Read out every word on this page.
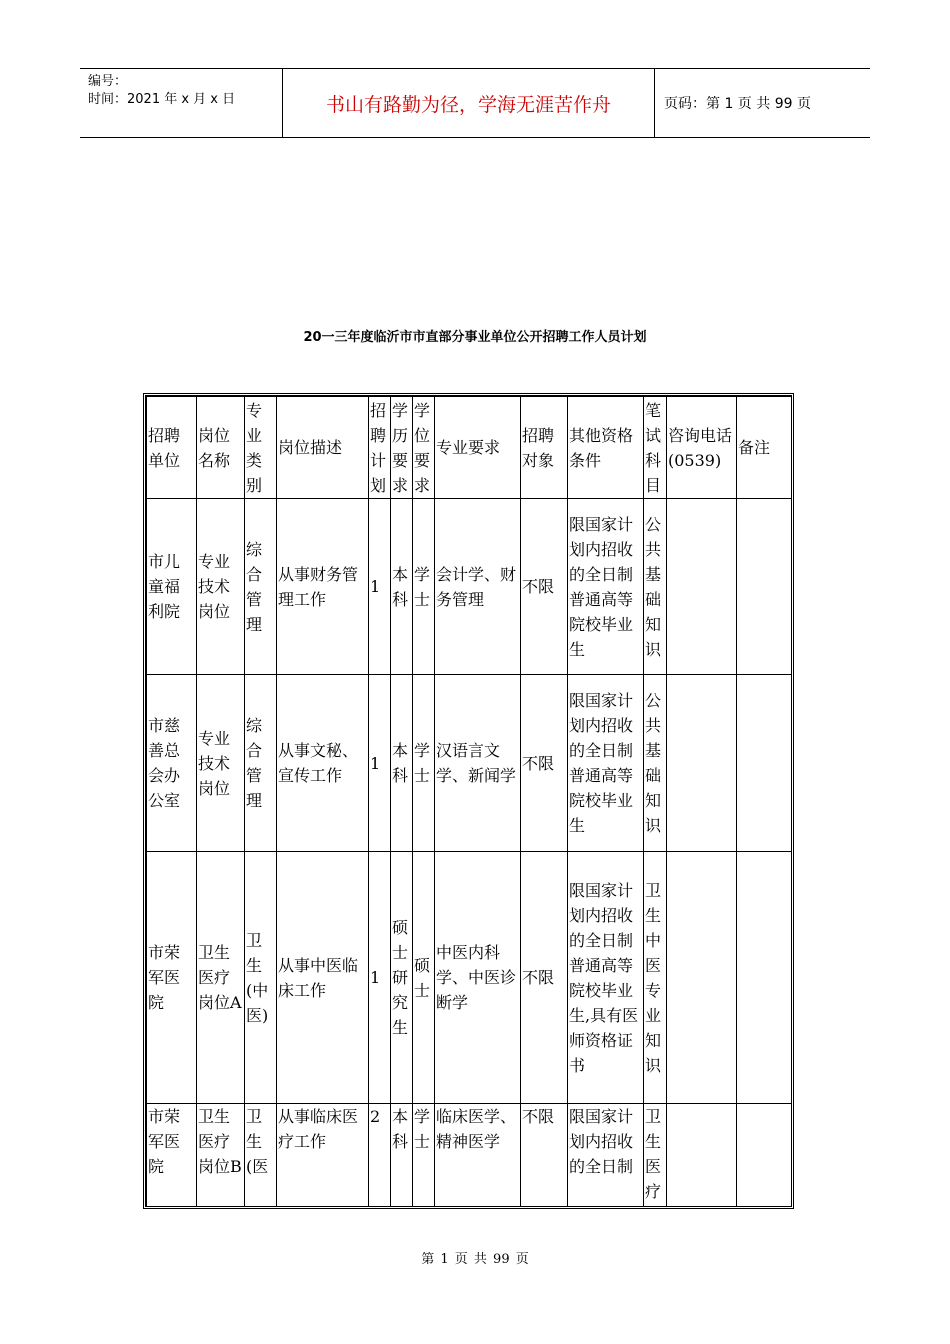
编号：
时间：2021 年 x 月 x 日	书山有路勤为径，学海无涯苦作舟	页码：第 1 页 共 99 页
20一三年度临沂市市直部分事业单位公开招聘工作人员计划
招聘单位	岗位名称	专业类别	岗位描述	招聘计划	学历要求	学位要求	专业要求	招聘对象	其他资格条件	笔试科目	咨询电话(0539)	备注
市儿童福利院	专业技术岗位	综合管理	从事财务管理工作	1	本科	学士	会计学、财务管理	不限	限国家计划内招收的全日制普通高等院校毕业生	公共基础知识		
市慈善总会办公室	专业技术岗位	综合管理	从事文秘、宣传工作	1	本科	学士	汉语言文学、新闻学	不限	限国家计划内招收的全日制普通高等院校毕业生	公共基础知识		
市荣军医院	卫生医疗岗位A	卫生(中医)	从事中医临床工作	1	硕士研究生	硕士	中医内科学、中医诊断学	不限	限国家计划内招收的全日制普通高等院校毕业生,具有医师资格证书	卫生中医专业知识		
市荣军医院	卫生医疗岗位B	卫生(医	从事临床医疗工作	2	本科	学士	临床医学、精神医学	不限	限国家计划内招收的全日制	卫生医疗		
第 1 页 共 99 页
